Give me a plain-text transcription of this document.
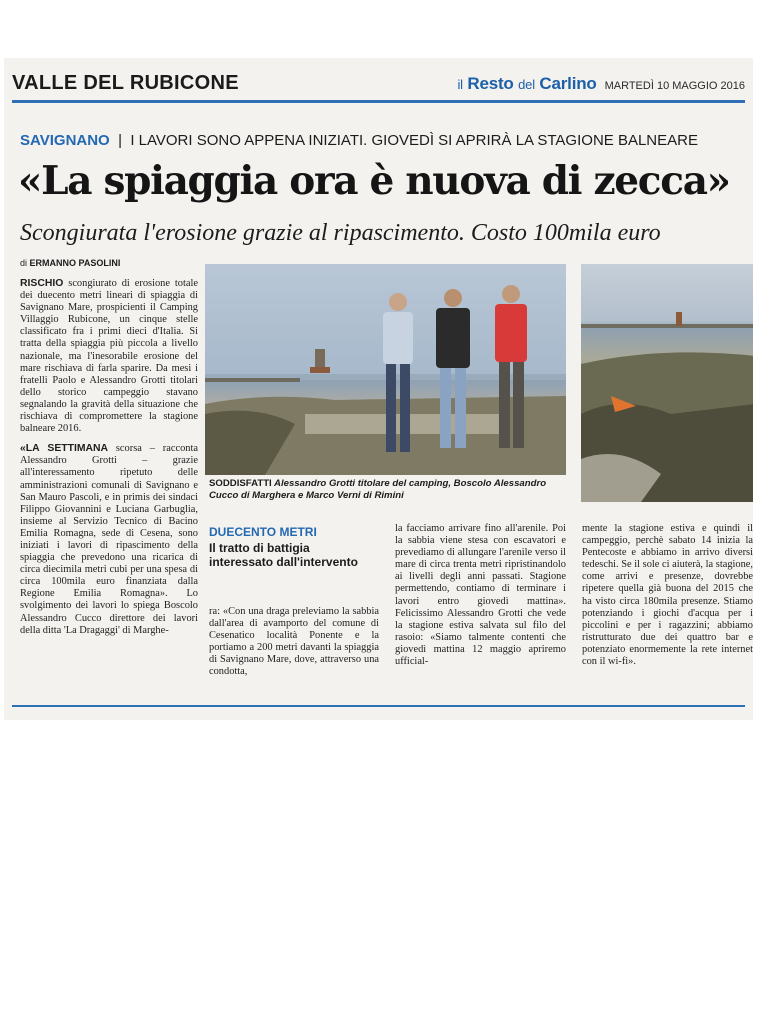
VALLE DEL RUBICONE	il Resto del Carlino MARTEDÌ 10 MAGGIO 2016
SAVIGNANO  |  I LAVORI SONO APPENA INIZIATI. GIOVEDÌ SI APRIRÀ LA STAGIONE BALNEARE
«La spiaggia ora è nuova di zecca»
Scongiurata l'erosione grazie al ripascimento. Costo 100mila euro
di ERMANNO PASOLINI

RISCHIO scongiurato di erosione totale dei duecento metri lineari di spiaggia di Savignano Mare, prospicienti il Camping Villaggio Rubicone, un cinque stelle classificato fra i primi dieci d'Italia. Si tratta della spiaggia più piccola a livello nazionale, ma l'inesorabile erosione del mare rischiava di farla sparire. Da mesi i fratelli Paolo e Alessandro Grotti titolari dello storico campeggio stavano segnalando la gravità della situazione che rischiava di compromettere la stagione balneare 2016.

«LA SETTIMANA scorsa – racconta Alessandro Grotti – grazie all'interessamento ripetuto delle amministrazioni comunali di Savignano e San Mauro Pascoli, e in primis dei sindaci Filippo Giovannini e Luciana Garbuglia, insieme al Servizio Tecnico di Bacino Emilia Romagna, sede di Cesena, sono iniziati i lavori di ripascimento della spiaggia che prevedono una ricarica di circa diecimila metri cubi per una spesa di circa 100mila euro finanziata dalla Regione Emilia Romagna». Lo svolgimento dei lavori lo spiega Boscolo Alessandro Cucco direttore dei lavori della ditta 'La Dragaggi' di Marghe-

SODDISFATTI Alessandro Grotti titolare del camping, Boscolo Alessandro Cucco di Marghera e Marco Verni di Rimini
DUECENTO METRI
Il tratto di battigia interessato dall'intervento

ra: «Con una draga preleviamo la sabbia dall'area di avamporto del comune di Cesenatico località Ponente e la portiamo a 200 metri davanti la spiaggia di Savignano Mare, dove, attraverso una condotta,

la facciamo arrivare fino all'arenile. Poi la sabbia viene stesa con escavatori e prevediamo di allungare l'arenile verso il mare di circa trenta metri ripristinandolo ai livelli degli anni passati. Stagione permettendo, contiamo di terminare i lavori entro giovedì mattina». Felicissimo Alessandro Grotti che vede la stagione estiva salvata sul filo del rasoio: «Siamo talmente contenti che giovedì mattina 12 maggio apriremo ufficial-

mente la stagione estiva e quindi il campeggio, perchè sabato 14 inizia la Pentecoste e abbiamo in arrivo diversi tedeschi. Se il sole ci aiuterà, la stagione, come arrivi e presenze, dovrebbe ripetere quella già buona del 2015 che ha visto circa 180mila presenze. Stiamo potenziando i giochi d'acqua per i piccolini e per i ragazzini; abbiamo ristrutturato due dei quattro bar e potenziato enormemente la rete internet con il wi-fi».
